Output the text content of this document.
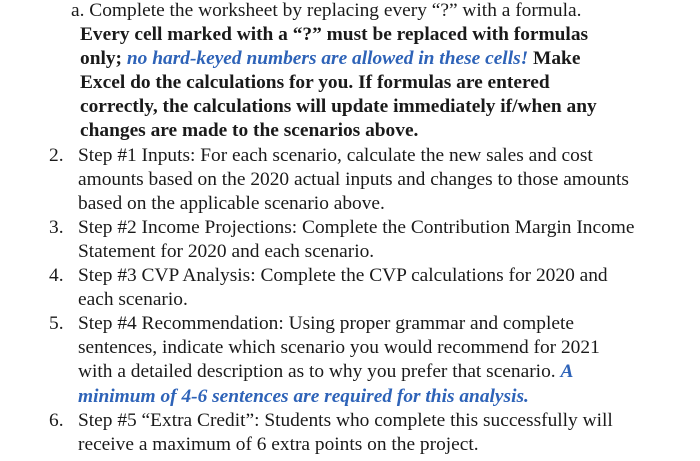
a. Complete the worksheet by replacing every “?” with a formula. Every cell marked with a “?” must be replaced with formulas only; no hard-keyed numbers are allowed in these cells! Make Excel do the calculations for you. If formulas are entered correctly, the calculations will update immediately if/when any changes are made to the scenarios above.

2. Step #1 Inputs: For each scenario, calculate the new sales and cost amounts based on the 2020 actual inputs and changes to those amounts based on the applicable scenario above.

3. Step #2 Income Projections: Complete the Contribution Margin Income Statement for 2020 and each scenario.

4. Step #3 CVP Analysis: Complete the CVP calculations for 2020 and each scenario.

5. Step #4 Recommendation: Using proper grammar and complete sentences, indicate which scenario you would recommend for 2021 with a detailed description as to why you prefer that scenario. A minimum of 4-6 sentences are required for this analysis.

6. Step #5 “Extra Credit”: Students who complete this successfully will receive a maximum of 6 extra points on the project.
